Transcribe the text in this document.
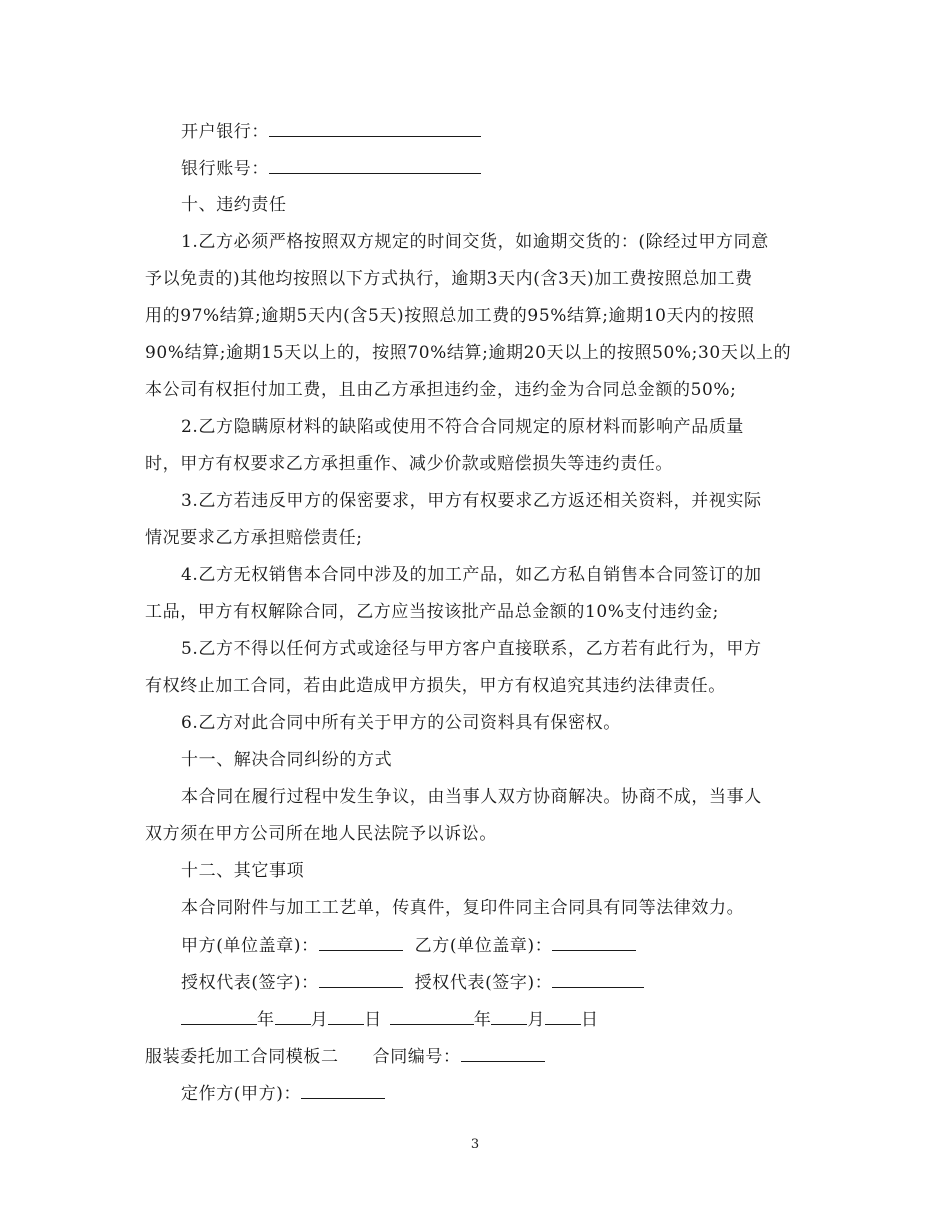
开户银行：
银行账号：
十、违约责任
1.乙方必须严格按照双方规定的时间交货，如逾期交货的：(除经过甲方同意
予以免责的)其他均按照以下方式执行，逾期3天内(含3天)加工费按照总加工费
用的97%结算;逾期5天内(含5天)按照总加工费的95%结算;逾期10天内的按照
90%结算;逾期15天以上的，按照70%结算;逾期20天以上的按照50%;30天以上的
本公司有权拒付加工费，且由乙方承担违约金，违约金为合同总金额的50%;
2.乙方隐瞒原材料的缺陷或使用不符合合同规定的原材料而影响产品质量
时，甲方有权要求乙方承担重作、减少价款或赔偿损失等违约责任。
3.乙方若违反甲方的保密要求，甲方有权要求乙方返还相关资料，并视实际
情况要求乙方承担赔偿责任;
4.乙方无权销售本合同中涉及的加工产品，如乙方私自销售本合同签订的加
工品，甲方有权解除合同，乙方应当按该批产品总金额的10%支付违约金;
5.乙方不得以任何方式或途径与甲方客户直接联系，乙方若有此行为，甲方
有权终止加工合同，若由此造成甲方损失，甲方有权追究其违约法律责任。
6.乙方对此合同中所有关于甲方的公司资料具有保密权。
十一、解决合同纠纷的方式
本合同在履行过程中发生争议，由当事人双方协商解决。协商不成，当事人
双方须在甲方公司所在地人民法院予以诉讼。
十二、其它事项
本合同附件与加工工艺单，传真件，复印件同主合同具有同等法律效力。
甲方(单位盖章)：	乙方(单位盖章)：
授权代表(签字)：	授权代表(签字)：
年 月 日	年 月 日
服装委托加工合同模板二 合同编号：
定作方(甲方)：
3
